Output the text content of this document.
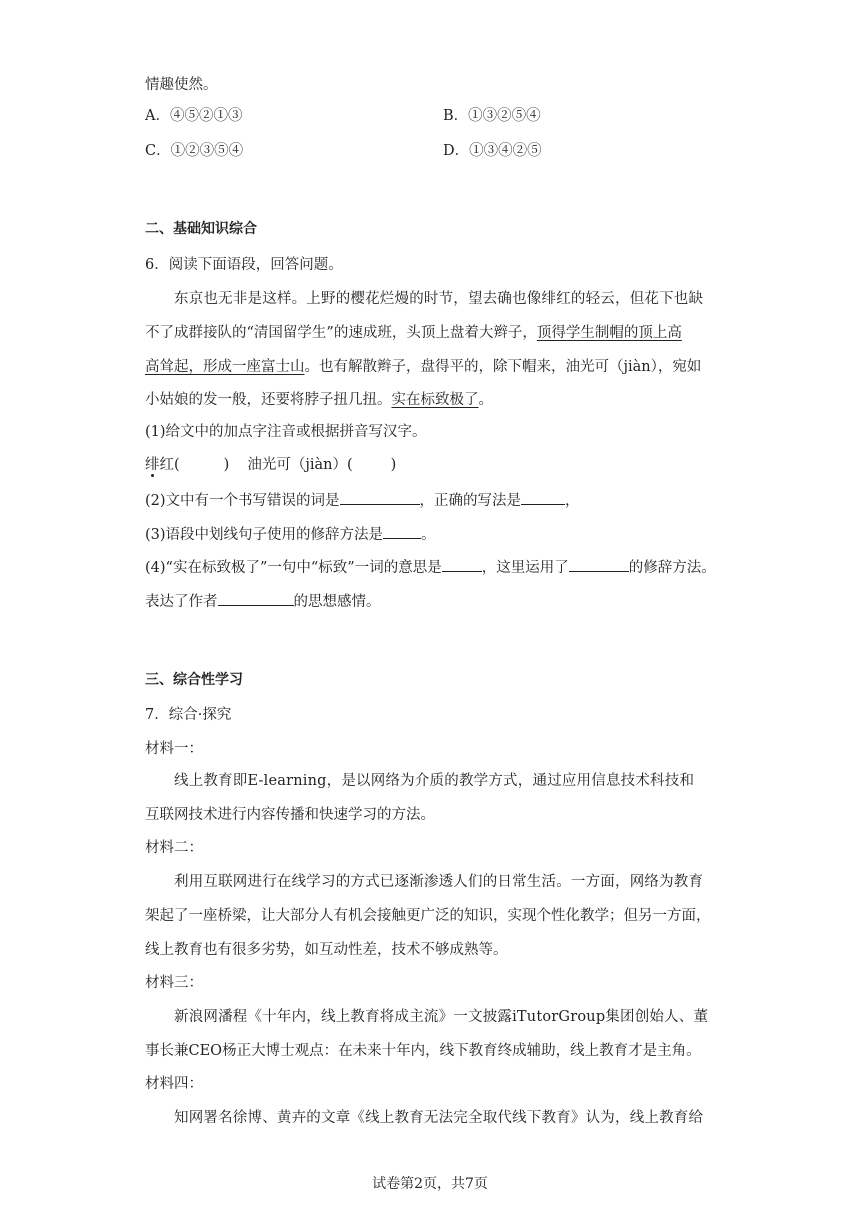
情趣使然。
A．④⑤②①③	B．①③②⑤④
C．①②③⑤④	D．①③④②⑤
二、基础知识综合
6．阅读下面语段，回答问题。
东京也无非是这样。上野的樱花烂熳的时节，望去确也像绯红的轻云，但花下也缺
不了成群接队的“清国留学生”的速成班，头顶上盘着大辫子，顶得学生制帽的顶上高
高耸起，形成一座富士山。也有解散辫子，盘得平的，除下帽来，油光可（jiàn），宛如
小姑娘的发一般，还要将脖子扭几扭。实在标致极了。
(1)给文中的加点字注音或根据拼音写汉字。
绯红(	) 油光可（jiàn）(	)
(2)文中有一个书写错误的词是	，正确的写法是	，
(3)语段中划线句子使用的修辞方法是	。
(4)“实在标致极了”一句中“标致”一词的意思是	，这里运用了	的修辞方法。
表达了作者	的思想感情。
三、综合性学习
7．综合·探究
材料一：
线上教育即E-learning，是以网络为介质的教学方式，通过应用信息技术科技和
互联网技术进行内容传播和快速学习的方法。
材料二：
利用互联网进行在线学习的方式已逐渐渗透人们的日常生活。一方面，网络为教育
架起了一座桥梁，让大部分人有机会接触更广泛的知识，实现个性化教学；但另一方面，
线上教育也有很多劣势，如互动性差，技术不够成熟等。
材料三：
新浪网潘程《十年内，线上教育将成主流》一文披露iTutorGroup集团创始人、董
事长兼CEO杨正大博士观点：在未来十年内，线下教育终成辅助，线上教育才是主角。
材料四：
知网署名徐博、黄卉的文章《线上教育无法完全取代线下教育》认为，线上教育给
试卷第2页，共7页
